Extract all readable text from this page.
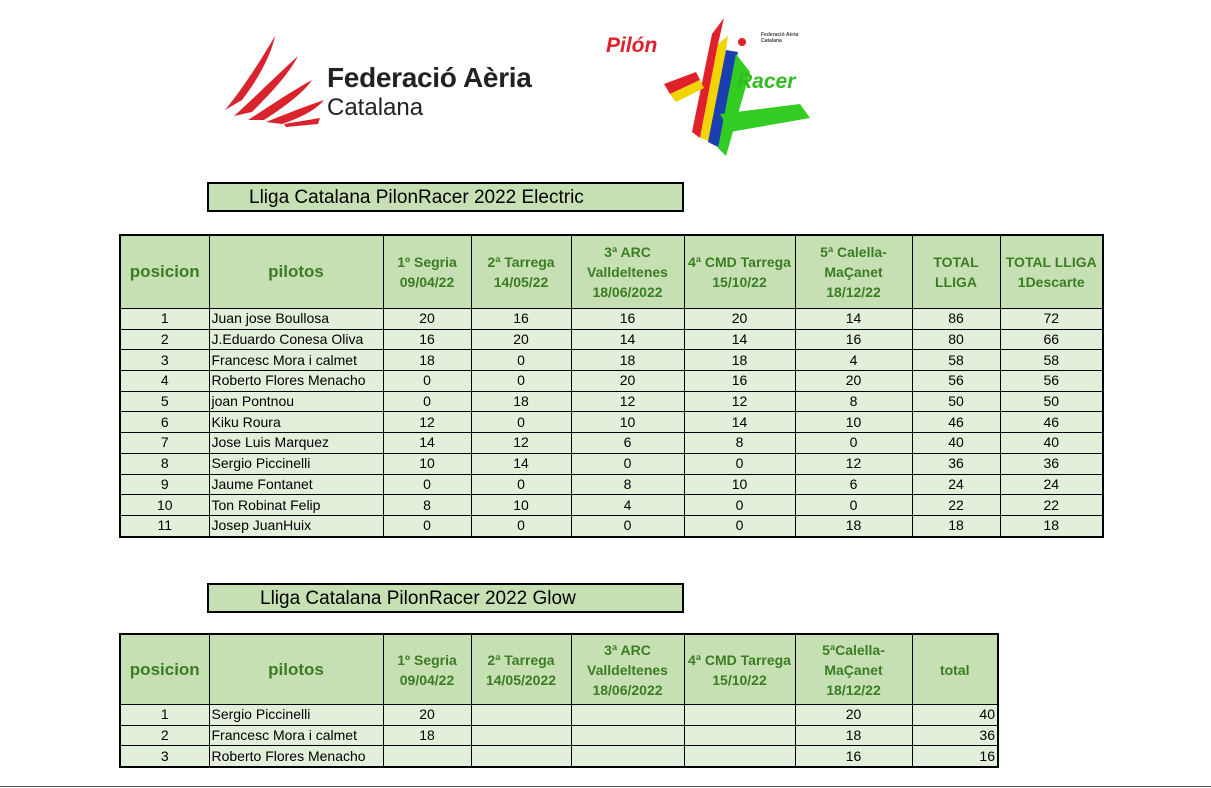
Federació Aèria
Catalana
Pilón
Racer
Federació Aèria
Catalana
Lliga Catalana PilonRacer 2022 Electric
posicion	pilotos	1º Segria 09/04/22	2ª Tarrega 14/05/22	3ª ARC Valldeltenes 18/06/2022	4ª CMD Tarrega 15/10/22	5ª Calella-MaÇanet 18/12/22	TOTAL LLIGA	TOTAL LLIGA 1Descarte
1	Juan jose Boullosa	20	16	16	20	14	86	72
2	J.Eduardo Conesa Oliva	16	20	14	14	16	80	66
3	Francesc Mora i calmet	18	0	18	18	4	58	58
4	Roberto Flores Menacho	0	0	20	16	20	56	56
5	joan Pontnou	0	18	12	12	8	50	50
6	Kiku Roura	12	0	10	14	10	46	46
7	Jose Luis Marquez	14	12	6	8	0	40	40
8	Sergio Piccinelli	10	14	0	0	12	36	36
9	Jaume Fontanet	0	0	8	10	6	24	24
10	Ton Robinat Felip	8	10	4	0	0	22	22
11	Josep JuanHuix	0	0	0	0	18	18	18
Lliga Catalana PilonRacer 2022 Glow
posicion	pilotos	1º Segria 09/04/22	2ª Tarrega 14/05/2022	3ª ARC Valldeltenes 18/06/2022	4ª CMD Tarrega 15/10/22	5ªCalella-MaÇanet 18/12/22	total
1	Sergio Piccinelli	20				20	40
2	Francesc Mora i calmet	18				18	36
3	Roberto Flores Menacho					16	16
